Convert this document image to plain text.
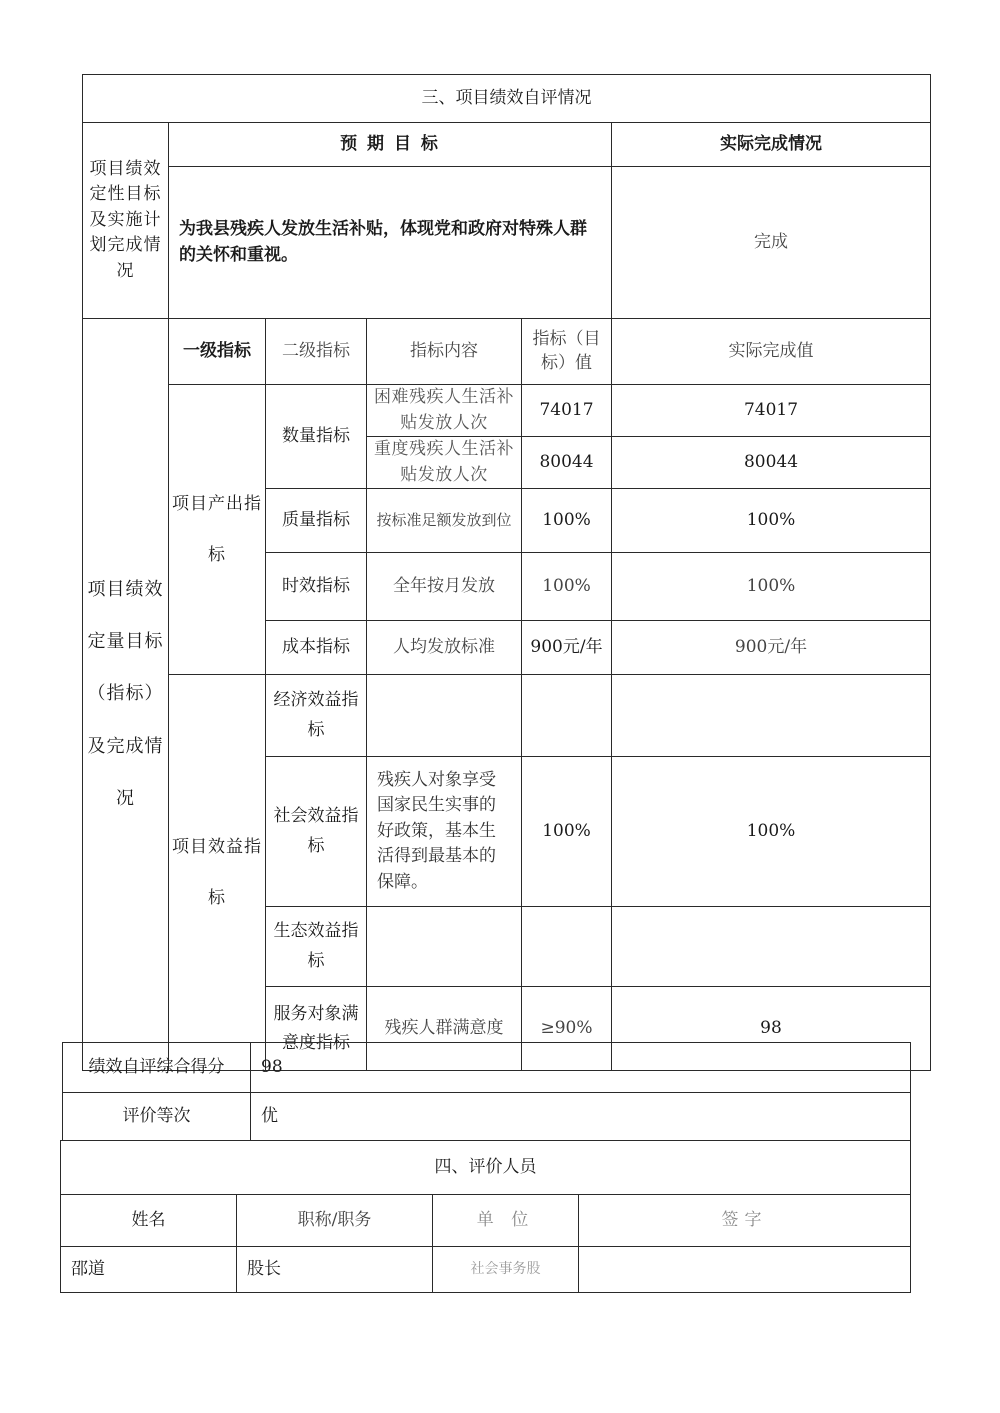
三、项目绩效自评情况					
项目绩效定性目标及实施计划完成情况	预 期 目 标				实际完成情况
	为我县残疾人发放生活补贴，体现党和政府对特殊人群的关怀和重视。				完成
项目绩效定量目标（指标）及完成情况	一级指标	二级指标	指标内容	指标（目标）值	实际完成值
	项目产出指标	数量指标	困难残疾人生活补贴发放人次	74017	74017
			重度残疾人生活补贴发放人次	80044	80044
		质量指标	按标准足额发放到位	100%	100%
		时效指标	全年按月发放	100%	100%
		成本指标	人均发放标准	900元/年	900元/年
	项目效益指标	经济效益指标			
		社会效益指标	残疾人对象享受国家民生实事的好政策，基本生活得到最基本的保障。	100%	100%
		生态效益指标			
		服务对象满意度指标	残疾人群满意度	≥90%	98
绩效自评综合得分	98
评价等次	优
四、评价人员			
姓名	职称/职务	单 位	签字
邵道	股长	社会事务股	
